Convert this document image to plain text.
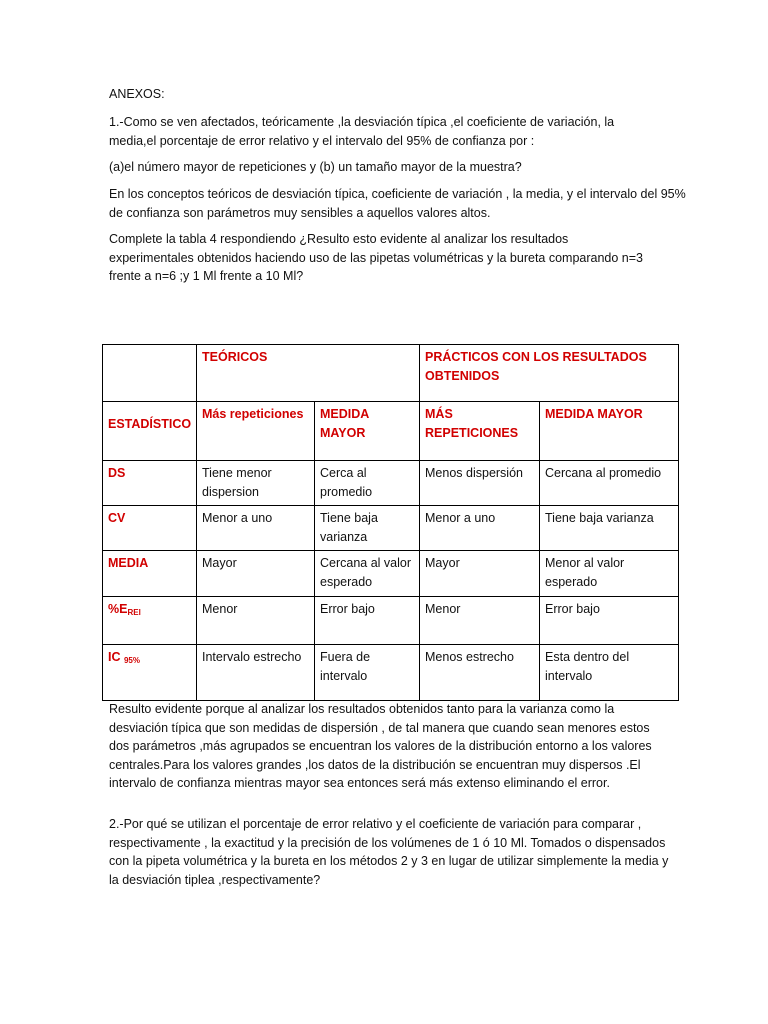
ANEXOS:

1.-Como se ven afectados, teóricamente ,la desviación típica ,el coeficiente de variación, la media,el porcentaje de error relativo y el intervalo del 95% de confianza por :

(a)el número mayor de repeticiones y (b) un tamaño mayor de la muestra?

En los conceptos teóricos de desviación típica, coeficiente de variación , la media, y el intervalo del 95% de confianza son parámetros muy sensibles a aquellos valores altos.

Complete la tabla 4 respondiendo ¿Resulto esto evidente al analizar los resultados experimentales obtenidos haciendo uso de las pipetas volumétricas y la bureta comparando n=3 frente a n=6 ;y 1 Ml frente a 10 Ml?

	TEÓRICOS		PRÁCTICOS CON LOS RESULTADOS OBTENIDOS	
ESTADÍSTICO	Más repeticiones	MEDIDA MAYOR	MÁS REPETICIONES	MEDIDA MAYOR
DS	Tiene menor dispersion	Cerca al promedio	Menos dispersión	Cercana al promedio
CV	Menor a uno	Tiene baja varianza	Menor a uno	Tiene baja varianza
MEDIA	Mayor	Cercana al valor esperado	Mayor	Menor al valor esperado
$\%E_{REl}$	Menor	Error bajo	Menor	Error bajo
IC $_{95\%}$	Intervalo estrecho	Fuera de intervalo	Menos estrecho	Esta dentro del intervalo

Resulto evidente porque al analizar los resultados obtenidos tanto para la varianza como la desviación típica que son medidas de dispersión , de tal manera que cuando sean menores estos dos parámetros ,más agrupados se encuentran los valores de la distribución entorno a los valores centrales.Para los valores grandes ,los datos de la distribución se encuentran muy dispersos .El intervalo de confianza mientras mayor sea entonces será más extenso eliminando el error.

2.-Por qué se utilizan el porcentaje de error relativo y el coeficiente de variación para comparar , respectivamente , la exactitud y la precisión de los volúmenes de 1 ó 10 Ml. Tomados o dispensados con la pipeta volumétrica y la bureta en los métodos 2 y 3 en lugar de utilizar simplemente la media y la desviación tiplea ,respectivamente?
